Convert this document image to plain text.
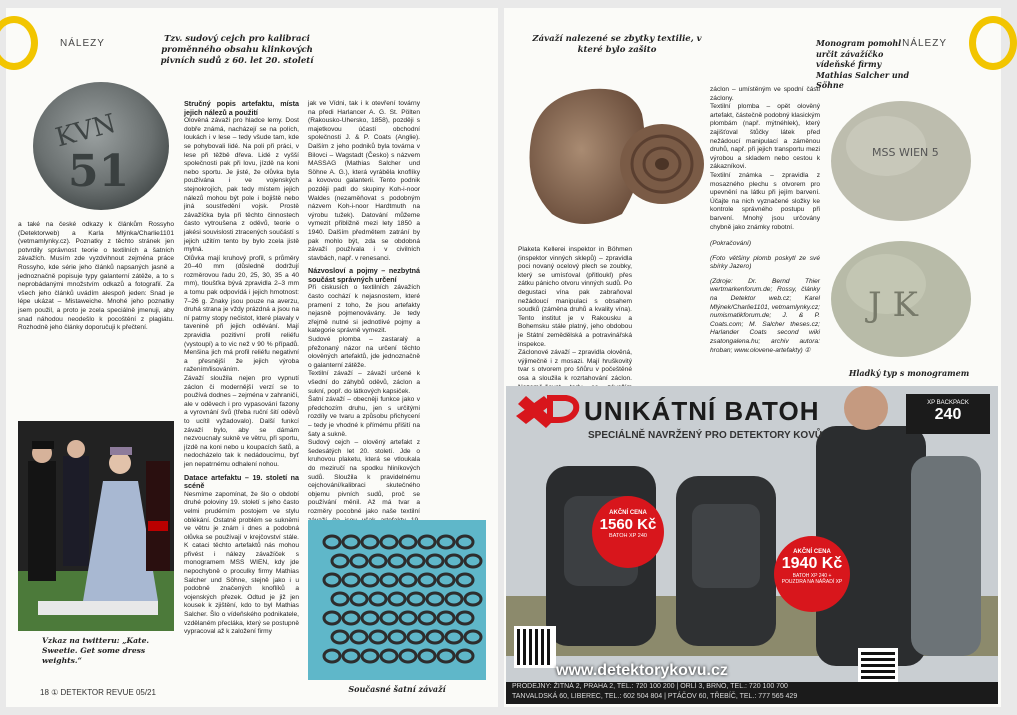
NÁLEZY	Tzv. sudový cejch pro kalibraci proměnného obsahu klinkových pivních sudů z 60. let 20. století
KVN
51

a také na české odkazy k článkům Rossyho (Detektorweb) a Karla Mlýnka/Charlie1101 (vetmamlynky.cz). Poznatky z těchto stránek jen potvrdily správnost teorie o textilních a šatních závažích. Musím zde vyzdvihnout zejména práce Rossyho, kde série jeho článků napsaných jasně a jednoznačně popisuje typy galanterní zátěže, a to s neprobádanými množstvím odkazů a fotografií. Za všech jeho článků uvádím alespoň jeden: Snad je lépe ukázat – Mistaweiche. Mnohé jeho poznatky jsem použil, a proto je zcela speciálně jmenuji, aby snad náhodou neodešlo k pocoštění z plagiátu. Rozhodně jeho články doporučuji k přečtení.

Vzkaz na twitteru: „Kate. Sweetie. Get some dress weights.“

Stručný popis artefaktu, místa jejich nálezů a použití

Olověná závaží pro hladce lemy. Dost dobře známá, nacházejí se na polích, loukách i v lese – tedy všude tam, kde se pohybovali lidé. Na poli při práci, v lese při těžbě dřeva. Lidé z vyšší společnosti pak při lovu, jízdě na koni nebo sportu. Je jisté, že olůvka byla používána i ve vojenských stejnokrojích, pak tedy místem jejich nálezů mohou být pole i bojiště nebo jiná soustředění vojsk. Prostě závažíčka byla při těchto činnostech často vytroušena z oděvů, teorie o jakési souvislosti ztracených součástí s jejich užitím tento by bylo zcela jistě mylná.

Olůvka mají kruhový profil, s průměry 20–40 mm (důsledně dodržují rozměrovou řadu 20, 25, 30, 35 a 40 mm), tloušťka bývá zpravidla 2–3 mm a tomu pak odpovídá i jejich hmotnost: 7–26 g. Znaky jsou pouze na averzu, druhá strana je vždy prázdná a jsou na ní patrny stopy nečistot, které plavaly v tavenině při jejich odlévání. Mají zpravidla pozitivní profil reliéfu (vystoupí) a to vic než v 90 % případů. Menšina jich má profil reliéfu negativní a přesnější že jejich výroba ražením/lisováním.

Závaží sloužila nejen pro vypnutí záclon či modernější verzí se to používá dodnes – zejména v zahraničí, ale v oděvech i pro vypasování fazony a vyrovnání švů (třeba ruční šití oděvů to ucítil vyžadovalo). Další funkcí závaží bylo, aby se dámám nezvoucnaly sukně ve větru, při sportu, jízdě na koni nebo u koupacích šatů, a nedocházelo tak k nedádoucímu, byť jen nepatrnému odhalení nohou.

Datace artefaktu – 19. století na scéně

Nesmíme zapomínat, že šlo o období druhé poloviny 19. století s jeho často velmi prudérním postojem ve stylu oblékání. Ostatně problém se sukněmi ve větru je znám i dnes a podobná olůvka se používají v krejčovství stále. K cataci těchto artefaktů nás mohou přivést i nálezy závažíček s monogramem MSS WIEN, kdy jde nepochybně o proculky firmy Mathias Salcher und Söhne, stejně jako i u podobně značených knoflíků a vojenských přezek. Odtud je již jen kousek k zjištění, kdo to byl Mathias Salcher. Šlo o vídeňského podnikatele, vzdělaném přecláka, který se postupně vypracoval až k založení firmy

jak ve Vídni, tak i k otevření továrny na předi Harlancer A. G. St. Pölten (Rakousko-Uhersko, 1858), později s majetkovou účastí obchodní společnosti J. & P. Coats (Anglie). Dalším z jeho podniků byla továrna v Bilovci – Wagstadt (Česko) s názvem MASSAG (Mathias Salcher und Söhne A. G.), která vyráběla knoflíky a kovovou galanterii. Tento podnik později padl do skupiny Koh-i-noor Waldes (nezaměňovat s podobným názvem Koh-i-noor Hardtmuth na výrobu tužek). Datování můžeme vymezit přibližně mezi lety 1850 a 1940. Dalším předmětem zatrání by pak mohlo být, zda se obdobná závaží používala i v civilních stavbách, např. v renesanci.

Názvosloví a pojmy – nezbytná součást správných určení

Při ciskusích o textilních závažích často cochází k nejasnostem, které pramení z toho, že jsou artefakty nejasně pojmenovávány. Je tedy zřejmě nutné si jednotlivé pojmy a kategorie správně vymezit.

Sudové plomba – zastaralý a přežonaný názor na určení těchto olověných artefaktů, jde jednoznačně o galanterní zátěže.

Textilní závaží – závaží určené k všední do záhybů oděvů, záclon a sukní, popř. do látkových kapsiček.

Šatní závaží – obecněji funkce jako v předchozím druhu, jen s určitými rozdíly ve tvaru a způsobu přichycení – tedy je vhodné k přímému přišití na šaty a sukně.

Sudový cejch – olověný artefakt z šedesátých let 20. století. Jde o kruhovou plaketu, která se vtloukala do meziručí na spodku hliníkových sudů. Sloužila k pravidelnému cejchování/kalibraci skutečného objemu pivních sudů, proč se používání měnil. Až má tvar a rozměry pocobné jako naše textilní

Současné šatní závaží
18 ① DETEKTOR REVUE 05/21
NÁLEZY
Závaží nalezené se zbytky textilie, v které bylo zašito
Monogram pomohl určit závažíčko vídeňské firmy Mathias Salcher und Söhne

Plaketa Kellerei inspektor in Böhmen (inspektor vinných sklepů) – zpravidla poci novaný ocelový plech se zoubky, který se umísťoval (přitloukl) přes zátku pánicho otvoru vinných sudů. Po degustaci vína pak zabraňoval nežádoucí manipulaci s obsahem soudků (záměna druhů a kvality vína). Tento institut je v Rakousku a Bohemsku stále platný, jeho obdobou je Státní zemědělská a potravinářská inspekce.

Záclonové závaží – zpravidla olověná, výjimečně i z mosazi. Mají hruškovitý tvar s otvorem pro šňůru v počeštěné osa a sloužila k rozrtahování záclon.

záclon – umístěným ve spodní části záclony.

Textilní plomba – opět olověný artefakt, částečně podobný klasickým plombám (např. mýtnéhlek), který zajišťoval štůčky látek před nežádoucí manipulací a záměnou druhů, např. při jejich transportu mezi výrobou a skladem nebo cestou k zákazníkovi.

Textilní známka – zpravidla z mosazného plechu s otvorem pro upevnění na látku při jejím barvení. Účajte na nich vyznačené složky ke kontrole správného postupu při barvení. Mnohý jsou určovány chybně jako známky robotní.

(Pokračování)

(Foto většiny plomb poskytl ze své sbírky Jazero)

(Zdroje: Dr. Bernd Thier wertmarkenforum.de; Rossy, články na Detektor web.cz; Karel Mlýnek/Charlie1101, vetmamlynky.cz; numismatikforum.de; J. & P. Coats.com; M. Salcher theses.cz; Harlander Coats second wiki zsatongalena.hu; archiv autora: hroban; www.olovene-artefakty) ①

MSS WIEN 5
J K
Hladký typ s monogramem
UNIKÁTNÍ BATOH
SPECIÁLNĚ NAVRŽENÝ PRO DETEKTORY KOVŮ
XP BACKPACK
240
AKČNÍ CENA
1560 Kč
BATOH XP 240
AKČNÍ CENA
1940 Kč
BATOH XP 240 + POUZDRA NA NÁŘADÍ XP
www.detektorykovu.cz
PRODEJNY: ŽITNÁ 2, PRAHA 2, TEL.: 720 100 200 | ORLÍ 3, BRNO, TEL.: 720 100 700
TANVALDSKÁ 60, LIBEREC, TEL.: 602 504 804 | PTÁČOV 60, TŘEBÍČ, TEL.: 777 565 429
